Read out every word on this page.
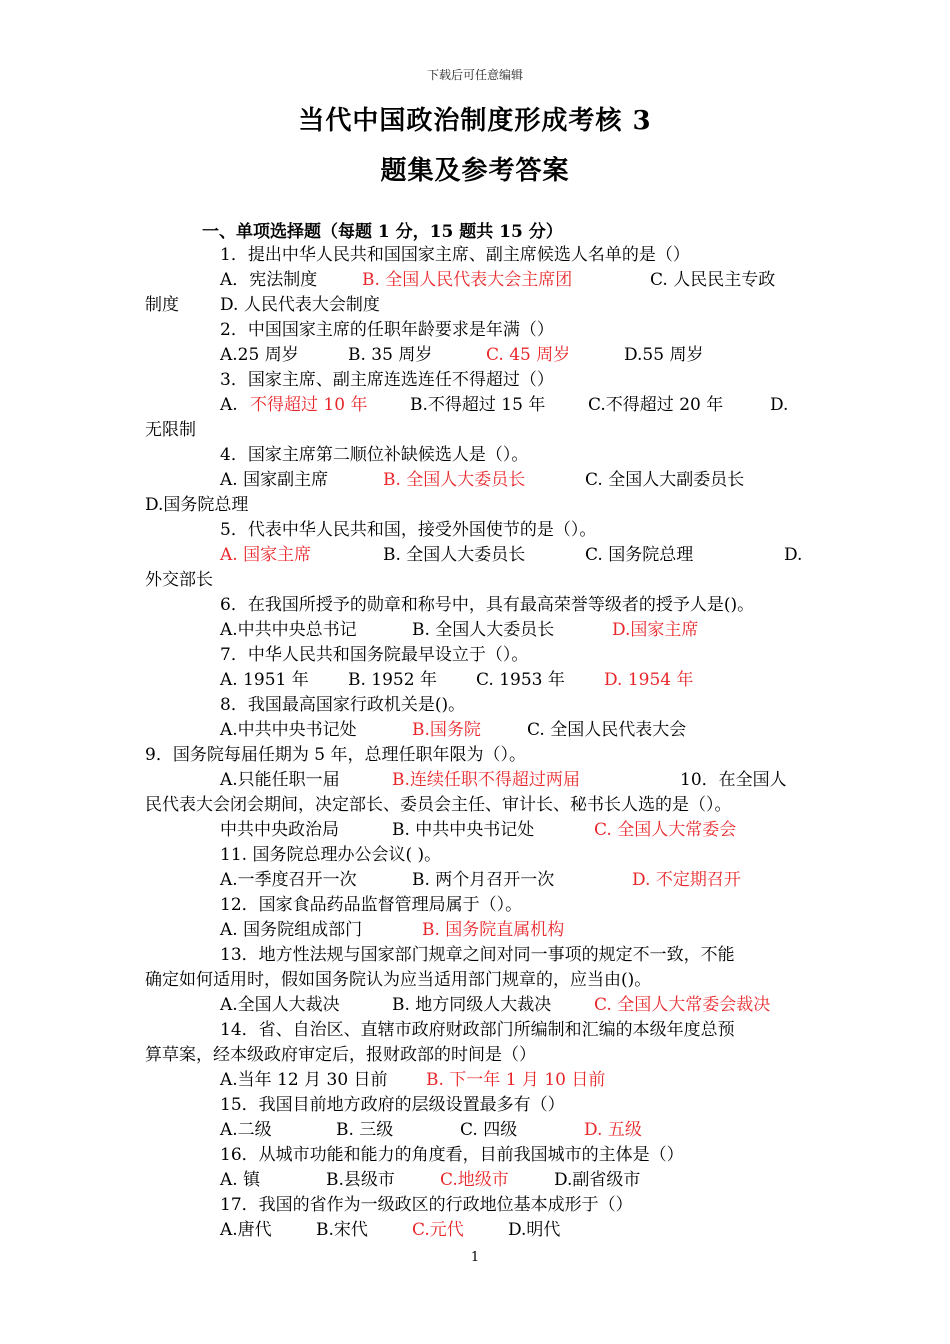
下载后可任意编辑
当代中国政治制度形成考核 3
题集及参考答案
一、单项选择题（每题 1 分，15 题共 15 分）
1．提出中华人民共和国国家主席、副主席候选人名单的是（）
A．宪法制度	B. 全国人民代表大会主席团	C. 人民民主专政
制度 D. 人民代表大会制度
2．中国国家主席的任职年龄要求是年满（）
A.25 周岁	B. 35 周岁	C. 45 周岁	D.55 周岁
3．国家主席、副主席连选连任不得超过（）
A. 不得超过 10 年	B.不得超过 15 年	C.不得超过 20 年	D.
无限制
4．国家主席第二顺位补缺候选人是（）。
A. 国家副主席	B. 全国人大委员长	C. 全国人大副委员长
D.国务院总理
5．代表中华人民共和国，接受外国使节的是（）。
A. 国家主席	B. 全国人大委员长	C. 国务院总理	D.
外交部长
6．在我国所授予的勋章和称号中，具有最高荣誉等级者的授予人是()。
A.中共中央总书记	B. 全国人大委员长	D.国家主席
7．中华人民共和国务院最早设立于（）。
A. 1951 年 B. 1952 年 C. 1953 年 D. 1954 年
8．我国最高国家行政机关是()。
A.中共中央书记处	B.国务院	C. 全国人民代表大会
9．国务院每届任期为 5 年，总理任职年限为（）。
A.只能任职一届	B.连续任职不得超过两届	10．在全国人
民代表大会闭会期间，决定部长、委员会主任、审计长、秘书长人选的是（）。
中共中央政治局	B. 中共中央书记处	C. 全国人大常委会
11. 国务院总理办公会议( )。
A.一季度召开一次	B. 两个月召开一次	D. 不定期召开
12．国家食品药品监督管理局属于（）。
A. 国务院组成部门	B. 国务院直属机构
13．地方性法规与国家部门规章之间对同一事项的规定不一致，不能
确定如何适用时，假如国务院认为应当适用部门规章的，应当由()。
A.全国人大裁决	B. 地方同级人大裁决	C. 全国人大常委会裁决
14．省、自治区、直辖市政府财政部门所编制和汇编的本级年度总预
算草案，经本级政府审定后，报财政部的时间是（）
A.当年 12 月 30 日前 B. 下一年 1 月 10 日前
15．我国目前地方政府的层级设置最多有（）
A.二级	B. 三级	C. 四级	D. 五级
16．从城市功能和能力的角度看，目前我国城市的主体是（）
A. 镇	B.县级市	C.地级市	D.副省级市
17．我国的省作为一级政区的行政地位基本成形于（）
A.唐代	B.宋代	C.元代	D.明代
1
